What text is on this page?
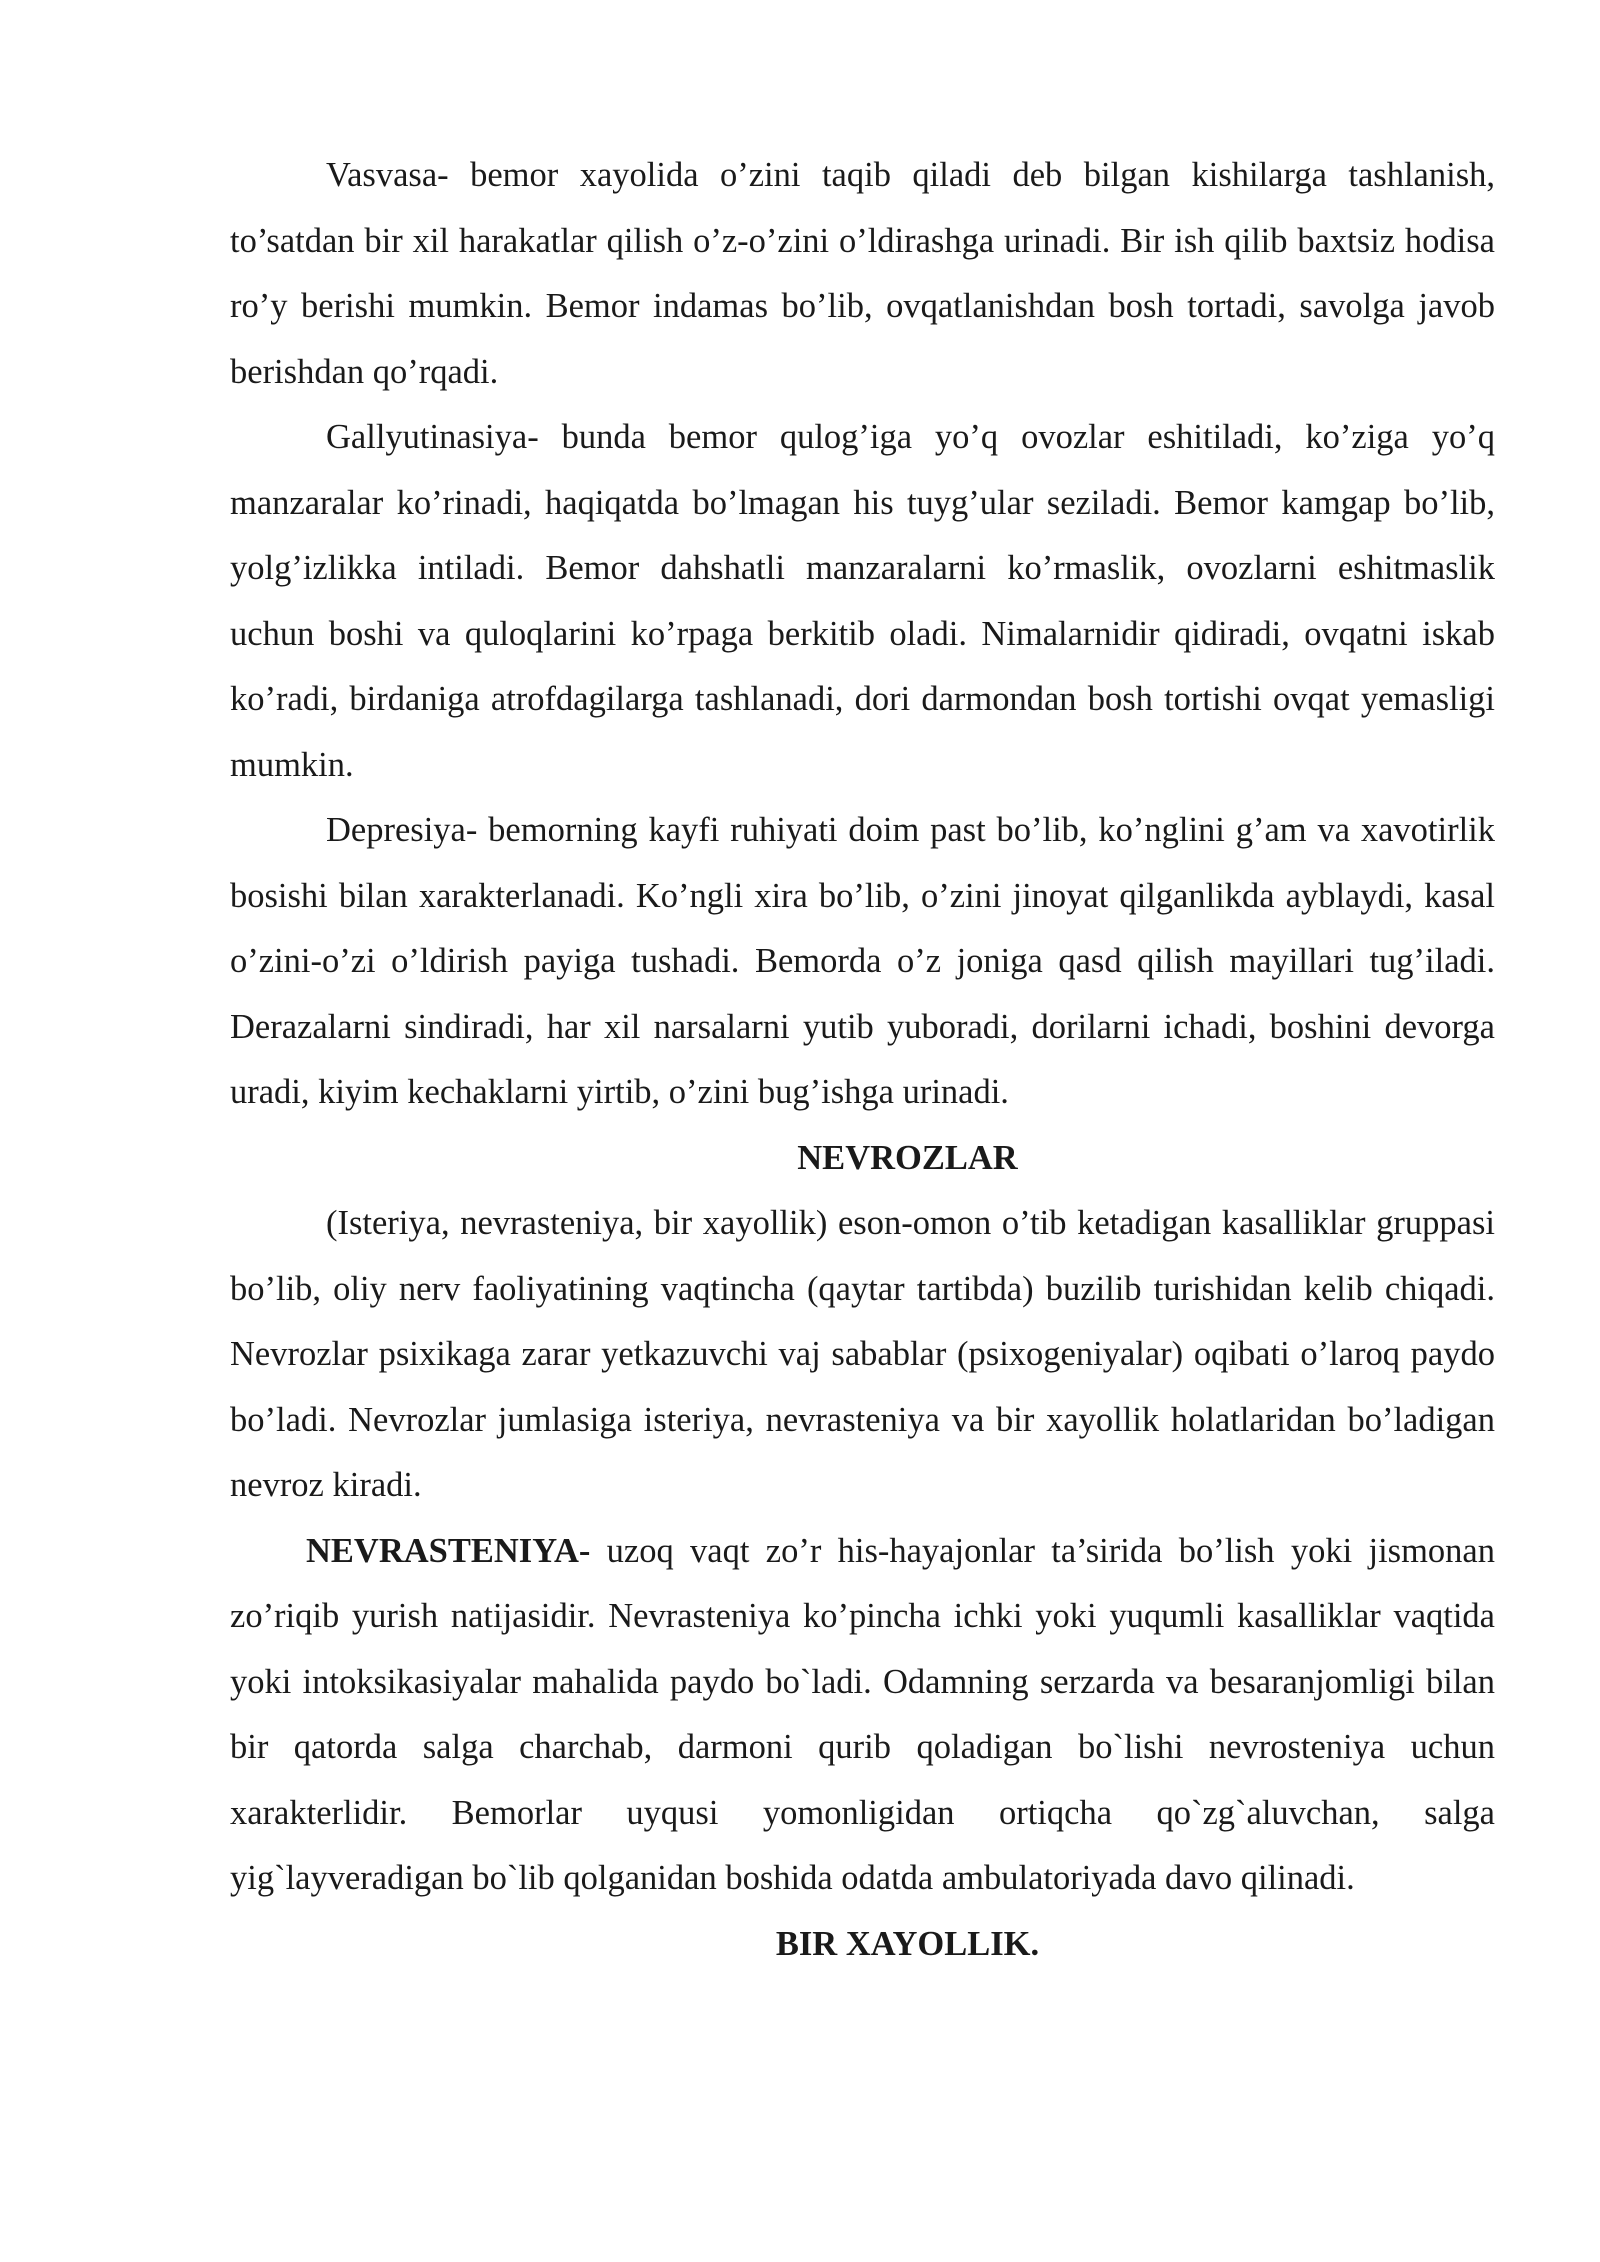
Vasvasa- bemor xayolida o’zini taqib qiladi deb bilgan kishilarga tashlanish, to’satdan bir xil harakatlar qilish o’z-o’zini o’ldirashga urinadi. Bir ish qilib baxtsiz hodisa ro’y berishi mumkin. Bemor indamas bo’lib, ovqatlanishdan bosh tortadi, savolga javob berishdan qo’rqadi.

Gallyutinasiya- bunda bemor qulog’iga yo’q ovozlar eshitiladi, ko’ziga yo’q manzaralar ko’rinadi, haqiqatda bo’lmagan his tuyg’ular seziladi. Bemor kamgap bo’lib, yolg’izlikka intiladi. Bemor dahshatli manzaralarni ko’rmaslik, ovozlarni eshitmaslik uchun boshi va quloqlarini ko’rpaga berkitib oladi. Nimalarnidir qidiradi, ovqatni iskab ko’radi, birdaniga atrofdagilarga tashlanadi, dori darmondan bosh tortishi ovqat yemasligi mumkin.

Depresiya- bemorning kayfi ruhiyati doim past bo’lib, ko’nglini g’am va xavotirlik bosishi bilan xarakterlanadi. Ko’ngli xira bo’lib, o’zini jinoyat qilganlikda ayblaydi, kasal o’zini-o’zi o’ldirish payiga tushadi. Bemorda o’z joniga qasd qilish mayillari tug’iladi. Derazalarni sindiradi, har xil narsalarni yutib yuboradi, dorilarni ichadi, boshini devorga uradi, kiyim kechaklarni yirtib, o’zini bug’ishga urinadi.

NEVROZLAR

(Isteriya, nevrasteniya, bir xayollik) eson-omon o’tib ketadigan kasalliklar gruppasi bo’lib, oliy nerv faoliyatining vaqtincha (qaytar tartibda) buzilib turishidan kelib chiqadi. Nevrozlar psixikaga zarar yetkazuvchi vaj sabablar (psixogeniyalar) oqibati o’laroq paydo bo’ladi. Nevrozlar jumlasiga isteriya, nevrasteniya va bir xayollik holatlaridan bo’ladigan nevroz kiradi.

NEVRASTENIYA- uzoq vaqt zo’r his-hayajonlar ta’sirida bo’lish yoki jismonan zo’riqib yurish natijasidir. Nevrasteniya ko’pincha ichki yoki yuqumli kasalliklar vaqtida yoki intoksikasiyalar mahalida paydo bo`ladi. Odamning serzarda va besaranjomligi bilan bir qatorda salga charchab, darmoni qurib qoladigan bo`lishi nevrosteniya uchun xarakterlidir. Bemorlar uyqusi yomonligidan ortiqcha qo`zg`aluvchan, salga yig`layveradigan bo`lib qolganidan boshida odatda ambulatoriyada davo qilinadi.

BIR XAYOLLIK.
